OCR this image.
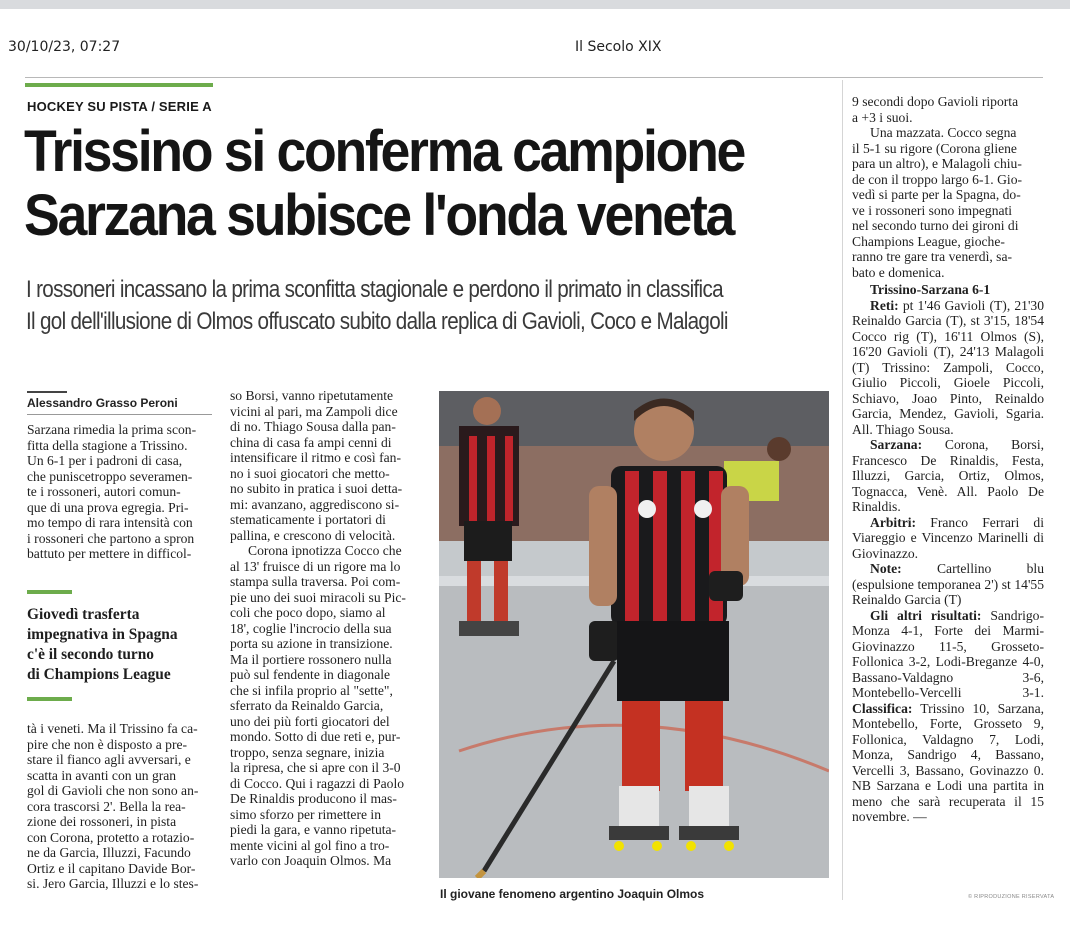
30/10/23, 07:27	Il Secolo XIX
HOCKEY SU PISTA / SERIE A
Trissino si conferma campione
Sarzana subisce l'onda veneta
I rossoneri incassano la prima sconfitta stagionale e perdono il primato in classifica
Il gol dell'illusione di Olmos offuscato subito dalla replica di Gavioli, Coco e Malagoli
Alessandro Grasso Peroni

Sarzana rimedia la prima scon-

fitta della stagione a Trissino.

Un 6-1 per i padroni di casa,

che puniscetroppo severamen-

te i rossoneri, autori comun-

que di una prova egregia. Pri-

mo tempo di rara intensità con

i rossoneri che partono a spron

battuto per mettere in difficol-

Giovedì trasferta
impegnativa in Spagna
c'è il secondo turno
di Champions League

tà i veneti. Ma il Trissino fa ca-

pire che non è disposto a pre-

stare il fianco agli avversari, e

scatta in avanti con un gran

gol di Gavioli che non sono an-

cora trascorsi 2'. Bella la rea-

zione dei rossoneri, in pista

con Corona, protetto a rotazio-

ne da Garcia, Illuzzi, Facundo

Ortiz e il capitano Davide Bor-

si. Jero Garcia, Illuzzi e lo stes-

so Borsi, vanno ripetutamente

vicini al pari, ma Zampoli dice

di no. Thiago Sousa dalla pan-

china di casa fa ampi cenni di

intensificare il ritmo e così fan-

no i suoi giocatori che metto-

no subito in pratica i suoi detta-

mi: avanzano, aggrediscono si-

stematicamente i portatori di

pallina, e crescono di velocità.

Corona ipnotizza Cocco che

al 13' fruisce di un rigore ma lo

stampa sulla traversa. Poi com-

pie uno dei suoi miracoli su Pic-

coli che poco dopo, siamo al

18', coglie l'incrocio della sua

porta su azione in transizione.

Ma il portiere rossonero nulla

può sul fendente in diagonale

che si infila proprio al "sette",

sferrato da Reinaldo Garcia,

uno dei più forti giocatori del

mondo. Sotto di due reti e, pur-

troppo, senza segnare, inizia

la ripresa, che si apre con il 3-0

di Cocco. Qui i ragazzi di Paolo

De Rinaldis producono il mas-

simo sforzo per rimettere in

piedi la gara, e vanno ripetuta-

mente vicini al gol fino a tro-

varlo con Joaquin Olmos. Ma

Il giovane fenomeno argentino Joaquin Olmos

9 secondi dopo Gavioli riporta

a +3 i suoi.

Una mazzata. Cocco segna

il 5-1 su rigore (Corona gliene

para un altro), e Malagoli chiu-

de con il troppo largo 6-1. Gio-

vedì si parte per la Spagna, do-

ve i rossoneri sono impegnati

nel secondo turno dei gironi di

Champions League, gioche-

ranno tre gare tra venerdì, sa-

bato e domenica.

Trissino-Sarzana 6-1

Reti: pt 1'46 Gavioli (T), 21'30 Reinaldo Garcia (T), st 3'15, 18'54 Cocco rig (T), 16'11 Olmos (S), 16'20 Gavioli (T), 24'13 Malagoli (T) Trissino: Zampoli, Cocco, Giulio Piccoli, Gioele Piccoli, Schiavo, Joao Pinto, Reinaldo Garcia, Mendez, Gavioli, Sgaria. All. Thiago Sousa.

Sarzana: Corona, Borsi, Francesco De Rinaldis, Festa, Illuzzi, Garcia, Ortiz, Olmos, Tognacca, Venè. All. Paolo De Rinaldis.

Arbitri: Franco Ferrari di Viareggio e Vincenzo Marinelli di Giovinazzo.

Note:	Cartellino blu (espulsione temporanea 2') st 14'55 Reinaldo Garcia (T)

Gli altri risultati: Sandrigo-Monza 4-1, Forte dei Marmi-Giovinazzo 11-5, Grosseto-Follonica 3-2, Lodi-Breganze 4-0, Bassano-Valdagno 3-6, Montebello-Vercelli 3-1. Classifica: Trissino 10, Sarzana, Montebello, Forte, Grosseto 9, Follonica, Valdagno 7, Lodi, Monza, Sandrigo 4, Bassano, Vercelli 3, Bassano, Govinazzo 0. NB Sarzana e Lodi una partita in meno che sarà recuperata il 15 novembre. —

© RIPRODUZIONE RISERVATA
